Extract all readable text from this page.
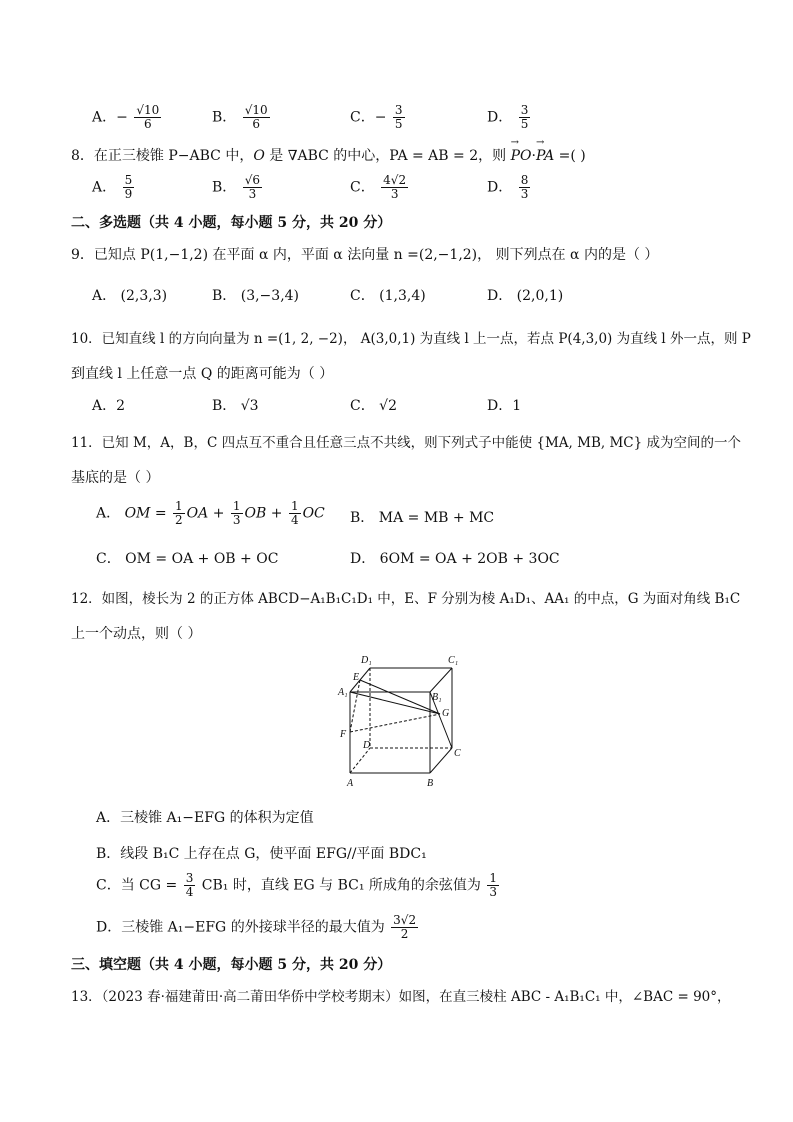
A．− $\frac{√10}{6}$	B． $\frac{√10}{6}$	C．− $\frac{3}{5}$	D． $\frac{3}{5}$
8．在正三棱锥 P−ABC 中，O 是 ∇ABC 的中心，PA = AB = 2，则 → PO·→ PA =( )
A． $\frac{5}{9}$	B． $\frac{√6}{3}$	C． $\frac{4√2}{3}$	D． $\frac{8}{3}$
二、多选题（共 4 小题，每小题 5 分，共 20 分）
9．已知点 P(1,−1,2) 在平面 α 内，平面 α 法向量 n =(2,−1,2)， 则下列点在 α 内的是（ ）
A． (2,3,3)	B． (3,−3,4)	C． (1,3,4)	D． (2,0,1)
10．已知直线 l 的方向向量为 n =(1, 2, −2)， A(3,0,1) 为直线 l 上一点，若点 P(4,3,0) 为直线 l 外一点，则 P
到直线 l 上任意一点 Q 的距离可能为（ ）
A．2	B． √3	C． √2	D．1
11．已知 M，A，B，C 四点互不重合且任意三点不共线，则下列式子中能使 {MA, MB, MC} 成为空间的一个
基底的是（ ）
A． OM = $\frac{1}{2}$ OA + $\frac{1}{3}$ OB + $\frac{1}{4}$ OC B． MA = MB + MC
C． OM = OA + OB + OC	D． 6OM = OA + 2OB + 3OC
12．如图，棱长为 2 的正方体 ABCD−A₁B₁C₁D₁ 中，E、F 分别为棱 A₁D₁、AA₁ 的中点，G 为面对角线 B₁C
上一个动点，则（ ）
D₁	C₁
A₁
E
B₁
G
F
D
C
A	B
A．三棱锥 A₁−EFG 的体积为定值
B．线段 B₁C 上存在点 G，使平面 EFG//平面 BDC₁
C．当 CG = $\frac{3}{4} CB_1$ 时，直线 EG 与 BC₁ 所成角的余弦值为 $\frac{1}{3}$
D．三棱锥 A₁−EFG 的外接球半径的最大值为 $\frac{3√2}{2}$
三、填空题（共 4 小题，每小题 5 分，共 20 分）
13．（2023 春·福建莆田·高二莆田华侨中学校考期末）如图，在直三棱柱 ABC - A₁B₁C₁ 中，∠BAC = 90°，
